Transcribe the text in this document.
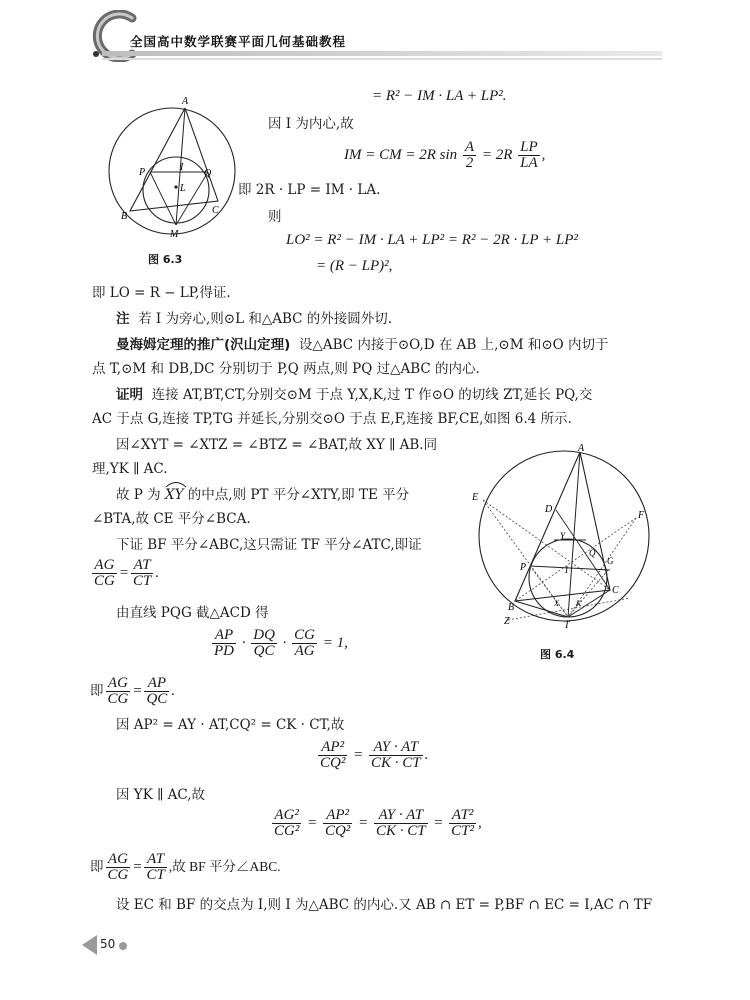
全国高中数学联赛平面几何基础教程
A
P	I
Q
L
C
B
M
图 6.3
= R² − IM · LA + LP².
因 I 为内心,故
IM = CM = 2R $\sin \frac{A}{2} = 2R \frac{LP}{LA}$ ,
即 2R · LP = IM · LA.
则
LO² = R² − IM · LA + LP² = R² − 2R · LP + LP²
= (R − LP)²,
即 LO = R − LP,得证.
注 若 I 为旁心,则⊙L 和△ABC 的外接圆外切.
曼海姆定理的推广(沢山定理) 设△ABC 内接于⊙O,D 在 AB 上,⊙M 和⊙O 内切于
点 T,⊙M 和 DB,DC 分别切于 P,Q 两点,则 PQ 过△ABC 的内心.
证明 连接 AT,BT,CT,分别交⊙M 于点 Y,X,K,过 T 作⊙O 的切线 ZT,延长 PQ,交
AC 于点 G,连接 TP,TG 并延长,分别交⊙O 于点 E,F,连接 BF,CE,如图 6.4 所示.
A
E
D
F
Y
Q
G
P	I
C
B	K
X
Z	T
图 6.4
因∠XYT = ∠XTZ = ∠BTZ = ∠BAT,故 XY ∥ AB.同
理,YK ∥ AC.
故 P 为 XY 的中点,则 PT 平分∠XTY,即 TE 平分
∠BTA,故 CE 平分∠BCA.
下证 BF 平分∠ABC,这只需证 TF 平分∠ATC,即证
$\frac{AG}{CG} = \frac{AT}{CT}$ .
由直线 PQG 截△ACD 得
$\frac{AP}{PD} \cdot \frac{DQ}{QC} \cdot \frac{CG}{AG} = 1$,
即 $\frac{AG}{CG} = \frac{AP}{QC}$ .
因 AP² = AY · AT,CQ² = CK · CT,故
$\frac{\text{AP²}}{\text{CQ²}} = \frac{AY \cdot AT}{CK \cdot CT}$ .
因 YK ∥ AC,故
$\frac{\text{AG²}}{\text{CG²}} = \frac{\text{AP²}}{\text{CQ²}} = \frac{AY \cdot AT}{CK \cdot CT} = \frac{\text{AT²}}{\text{CT²}}$ ,
即 $\frac{AG}{CG} = \frac{AT}{CT}$ ,故 BF 平分∠ABC.
设 EC 和 BF 的交点为 I,则 I 为△ABC 的内心.又 AB ∩ ET = P,BF ∩ EC = I,AC ∩ TF
50
